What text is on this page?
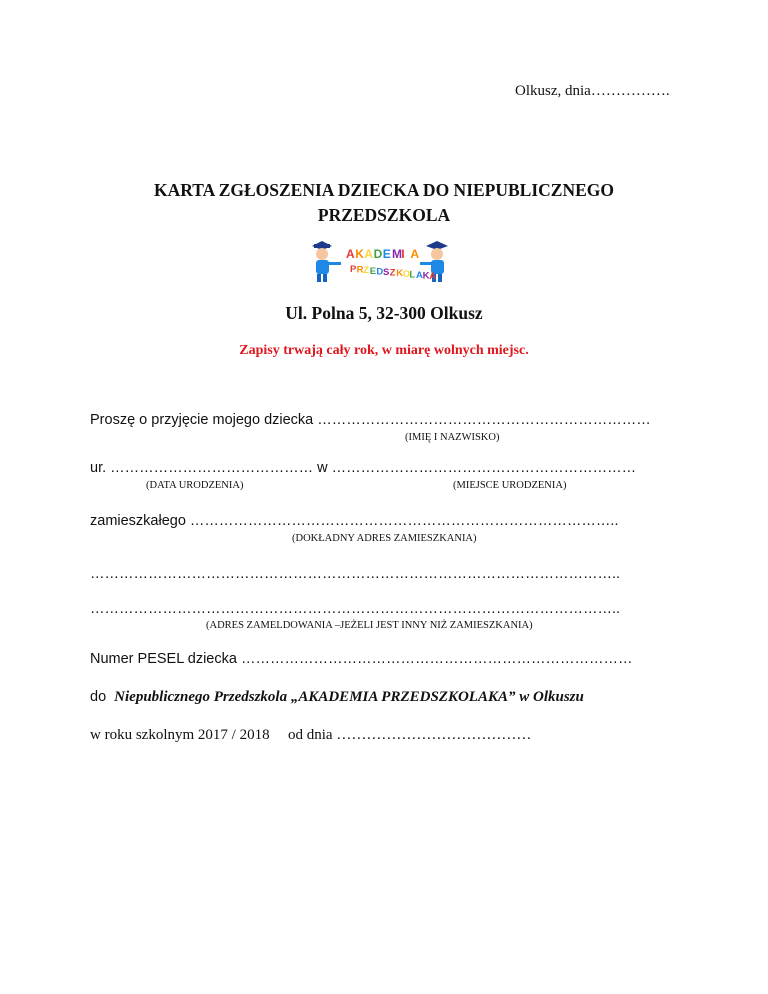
Olkusz, dnia…………….
KARTA ZGŁOSZENIA DZIECKA DO NIEPUBLICZNEGO
PRZEDSZKOLA
A K A D E M I A
P R Z E D S Z K O L A K A
Ul. Polna 5, 32-300 Olkusz
Zapisy trwają cały rok, w miarę wolnych miejsc.
Proszę o przyjęcie mojego dziecka ……………………………………………………………
(IMIĘ I NAZWISKO)
ur. …………………………………… w ………………………………………………………
(DATA URODZENIA)	(MIEJSCE URODZENIA)
zamieszkałego ……………………………………………………………………………..
(DOKŁADNY ADRES ZAMIESZKANIA)
………………………………………………………………………………………………..
………………………………………………………………………………………………..
(ADRES ZAMELDOWANIA –JEŻELI JEST INNY NIŻ ZAMIESZKANIA)
Numer PESEL dziecka ………………………………………………………………………
do Niepublicznego Przedszkola „AKADEMIA PRZEDSZKOLAKA” w Olkuszu
w roku szkolnym 2017 / 2018 od dnia …………………………………
